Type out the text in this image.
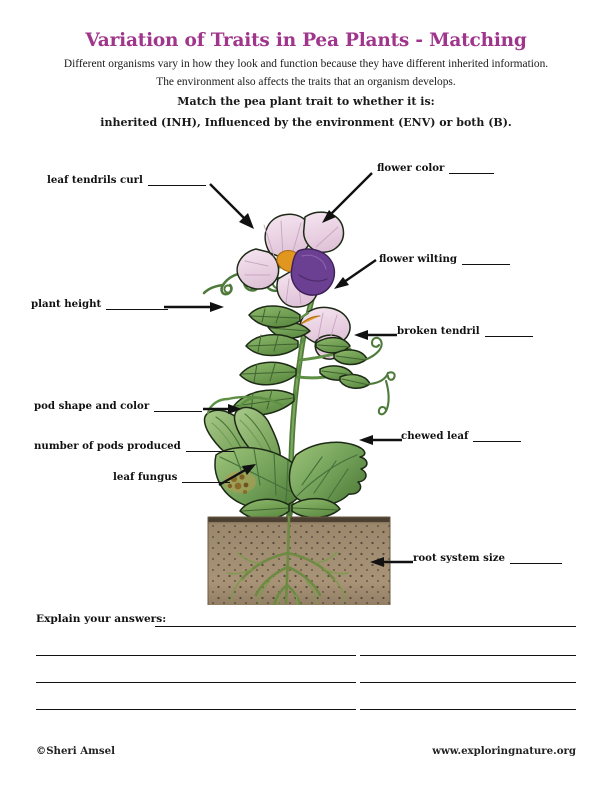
Variation of Traits in Pea Plants - Matching
Different organisms vary in how they look and function because they have different inherited information.
The environment also affects the traits that an organism develops.
Match the pea plant trait to whether it is:
inherited (INH), Influenced by the environment (ENV) or both (B).
leaf tendrils curl
plant height
pod shape and color
number of pods produced
leaf fungus
flower color
flower wilting
broken tendril
chewed leaf
root system size
Explain your answers:
©Sheri Amsel	www.exploringnature.org
